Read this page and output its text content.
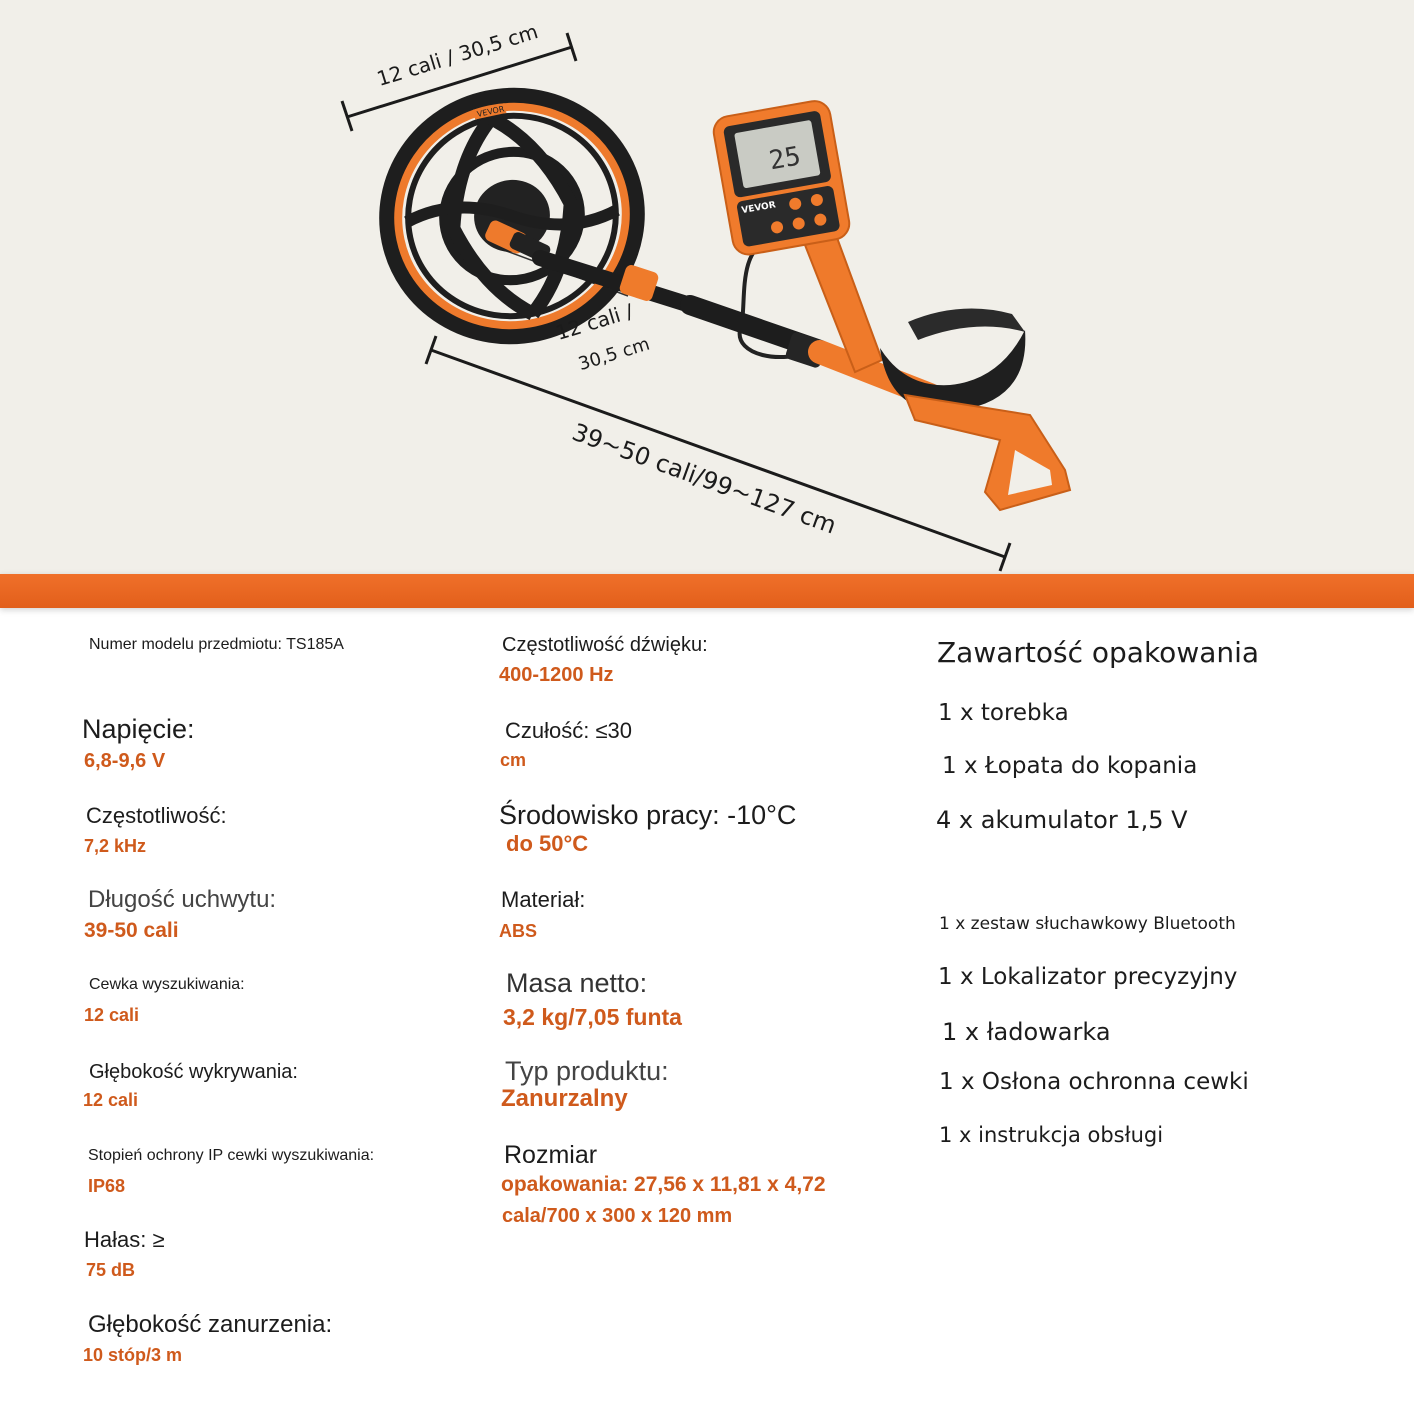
VEVOR
25
VEVOR
12 cali / 30,5 cm
12 cali /
30,5 cm
39~50 cali/99~127 cm
Numer modelu przedmiotu: TS185A
Napięcie:
6,8-9,6 V
Częstotliwość:
7,2 kHz
Długość uchwytu:
39-50 cali
Cewka wyszukiwania:
12 cali
Głębokość wykrywania:
12 cali
Stopień ochrony IP cewki wyszukiwania:
IP68
Hałas: ≥
75 dB
Głębokość zanurzenia:
10 stóp/3 m
Częstotliwość dźwięku:
400-1200 Hz
Czułość: ≤30
cm
Środowisko pracy: -10°C
do 50°C
Materiał:
ABS
Masa netto:
3,2 kg/7,05 funta
Typ produktu:
Zanurzalny
Rozmiar
opakowania: 27,56 x 11,81 x 4,72
cala/700 x 300 x 120 mm
Zawartość opakowania
1 x torebka
1 x Łopata do kopania
4 x akumulator 1,5 V
1 x zestaw słuchawkowy Bluetooth
1 x Lokalizator precyzyjny
1 x ładowarka
1 x Osłona ochronna cewki
1 x instrukcja obsługi
